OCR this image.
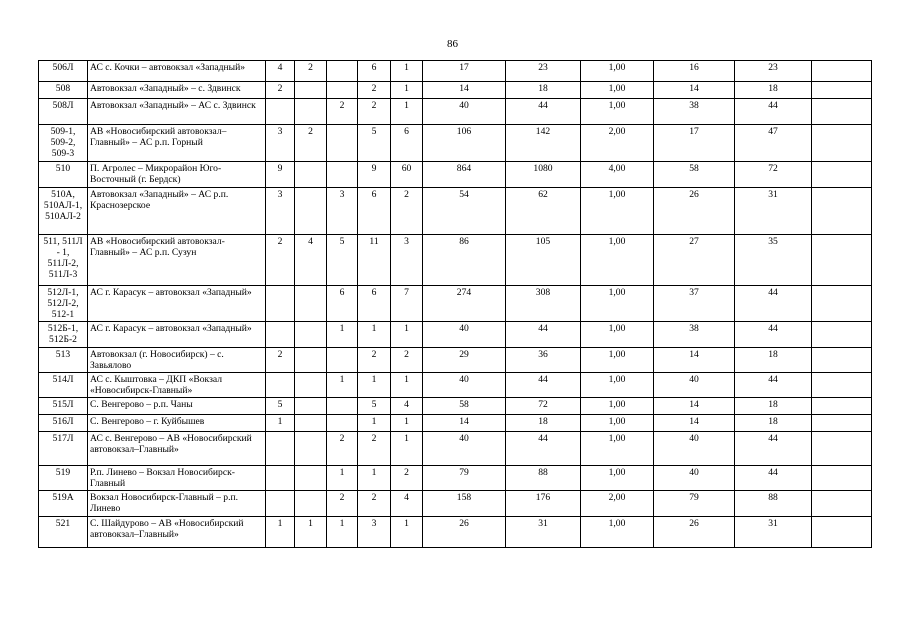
86
506Л	АС с. Кочки – автовокзал «Западный»	4	2		6	1	17	23	1,00	16	23	
508	Автовокзал «Западный» – с. Здвинск	2			2	1	14	18	1,00	14	18	
508Л	Автовокзал «Западный» – АС с. Здвинск			2	2	1	40	44	1,00	38	44	
509-1, 509-2, 509-3	АВ «Новосибирский автовокзал–Главный» – АС р.п. Горный	3	2		5	6	106	142	2,00	17	47	
510	П. Агролес – Микрорайон Юго-Восточный (г. Бердск)	9			9	60	864	1080	4,00	58	72	
510А, 510АЛ-1, 510АЛ-2	Автовокзал «Западный» – АС р.п. Краснозерское	3		3	6	2	54	62	1,00	26	31	
511, 511Л - 1, 511Л-2, 511Л-3	АВ «Новосибирский автовокзал-Главный» – АС р.п. Сузун	2	4	5	11	3	86	105	1,00	27	35	
512Л-1, 512Л-2, 512-1	АС г. Карасук – автовокзал «Западный»			6	6	7	274	308	1,00	37	44	
512Б-1, 512Б-2	АС г. Карасук – автовокзал «Западный»			1	1	1	40	44	1,00	38	44	
513	Автовокзал (г. Новосибирск) – с. Завьялово	2			2	2	29	36	1,00	14	18	
514Л	АС с. Кыштовка – ДКП «Вокзал «Новосибирск-Главный»			1	1	1	40	44	1,00	40	44	
515Л	С. Венгерово – р.п. Чаны	5			5	4	58	72	1,00	14	18	
516Л	С. Венгерово – г. Куйбышев	1			1	1	14	18	1,00	14	18	
517Л	АС с. Венгерово – АВ «Новосибирский автовокзал–Главный»			2	2	1	40	44	1,00	40	44	
519	Р.п. Линево – Вокзал Новосибирск-Главный			1	1	2	79	88	1,00	40	44	
519А	Вокзал Новосибирск-Главный – р.п. Линево			2	2	4	158	176	2,00	79	88	
521	С. Шайдурово – АВ «Новосибирский автовокзал–Главный»	1	1	1	3	1	26	31	1,00	26	31	
